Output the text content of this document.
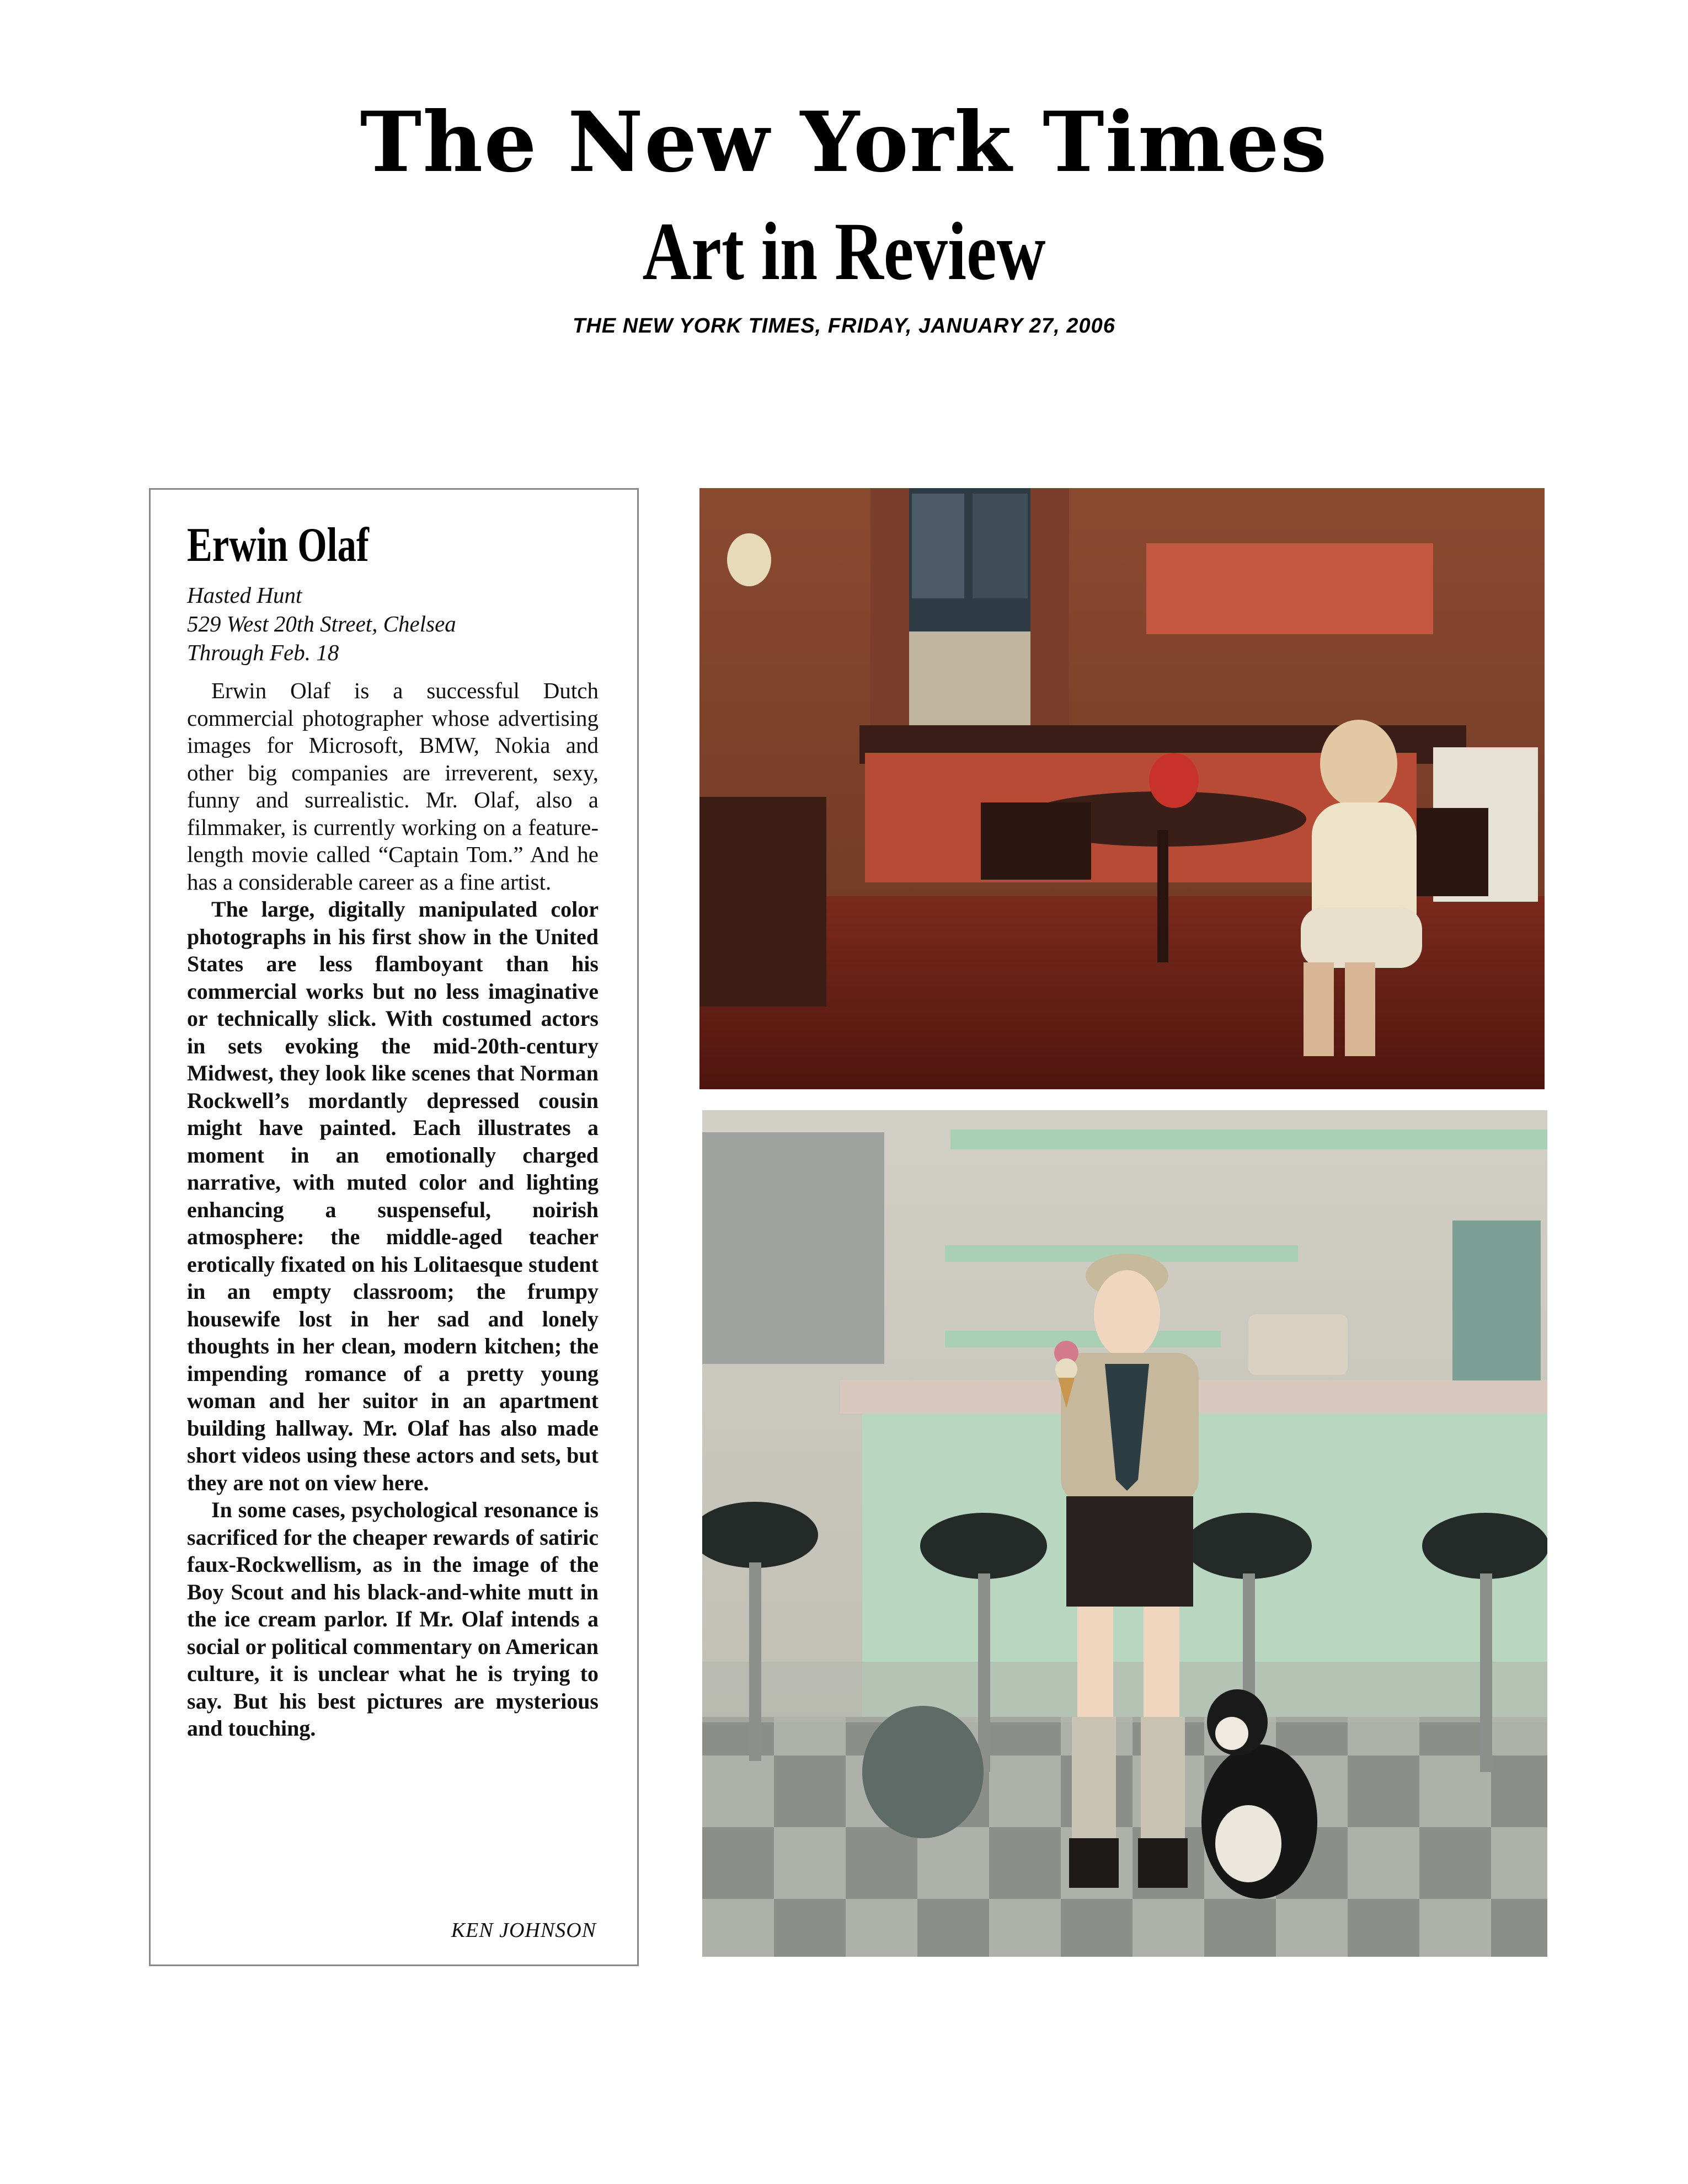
The New York Times
Art in Review
THE NEW YORK TIMES, FRIDAY, JANUARY 27, 2006
Erwin Olaf
Hasted Hunt
529 West 20th Street, Chelsea
Through Feb. 18

Erwin Olaf is a successful Dutch commercial photographer whose advertising images for Microsoft, BMW, Nokia and other big companies are irreverent, sexy, funny and surrealistic. Mr. Olaf, also a filmmaker, is currently working on a feature-length movie called “Captain Tom.” And he has a considerable career as a fine artist.

The large, digitally manipulated color photographs in his first show in the United States are less flamboyant than his commercial works but no less imaginative or technically slick. With costumed actors in sets evoking the mid-20th-century Midwest, they look like scenes that Norman Rockwell’s mordantly depressed cousin might have painted. Each illustrates a moment in an emotionally charged narrative, with muted color and lighting enhancing a suspenseful, noirish atmosphere: the middle-aged teacher erotically fixated on his Lolitaesque student in an empty classroom; the frumpy housewife lost in her sad and lonely thoughts in her clean, modern kitchen; the impending romance of a pretty young woman and her suitor in an apartment building hallway. Mr. Olaf has also made short videos using these actors and sets, but they are not on view here.

In some cases, psychological resonance is sacrificed for the cheaper rewards of satiric faux-Rockwellism, as in the image of the Boy Scout and his black-and-white mutt in the ice cream parlor. If Mr. Olaf intends a social or political commentary on American culture, it is unclear what he is trying to say. But his best pictures are mysterious and touching.

KEN JOHNSON
